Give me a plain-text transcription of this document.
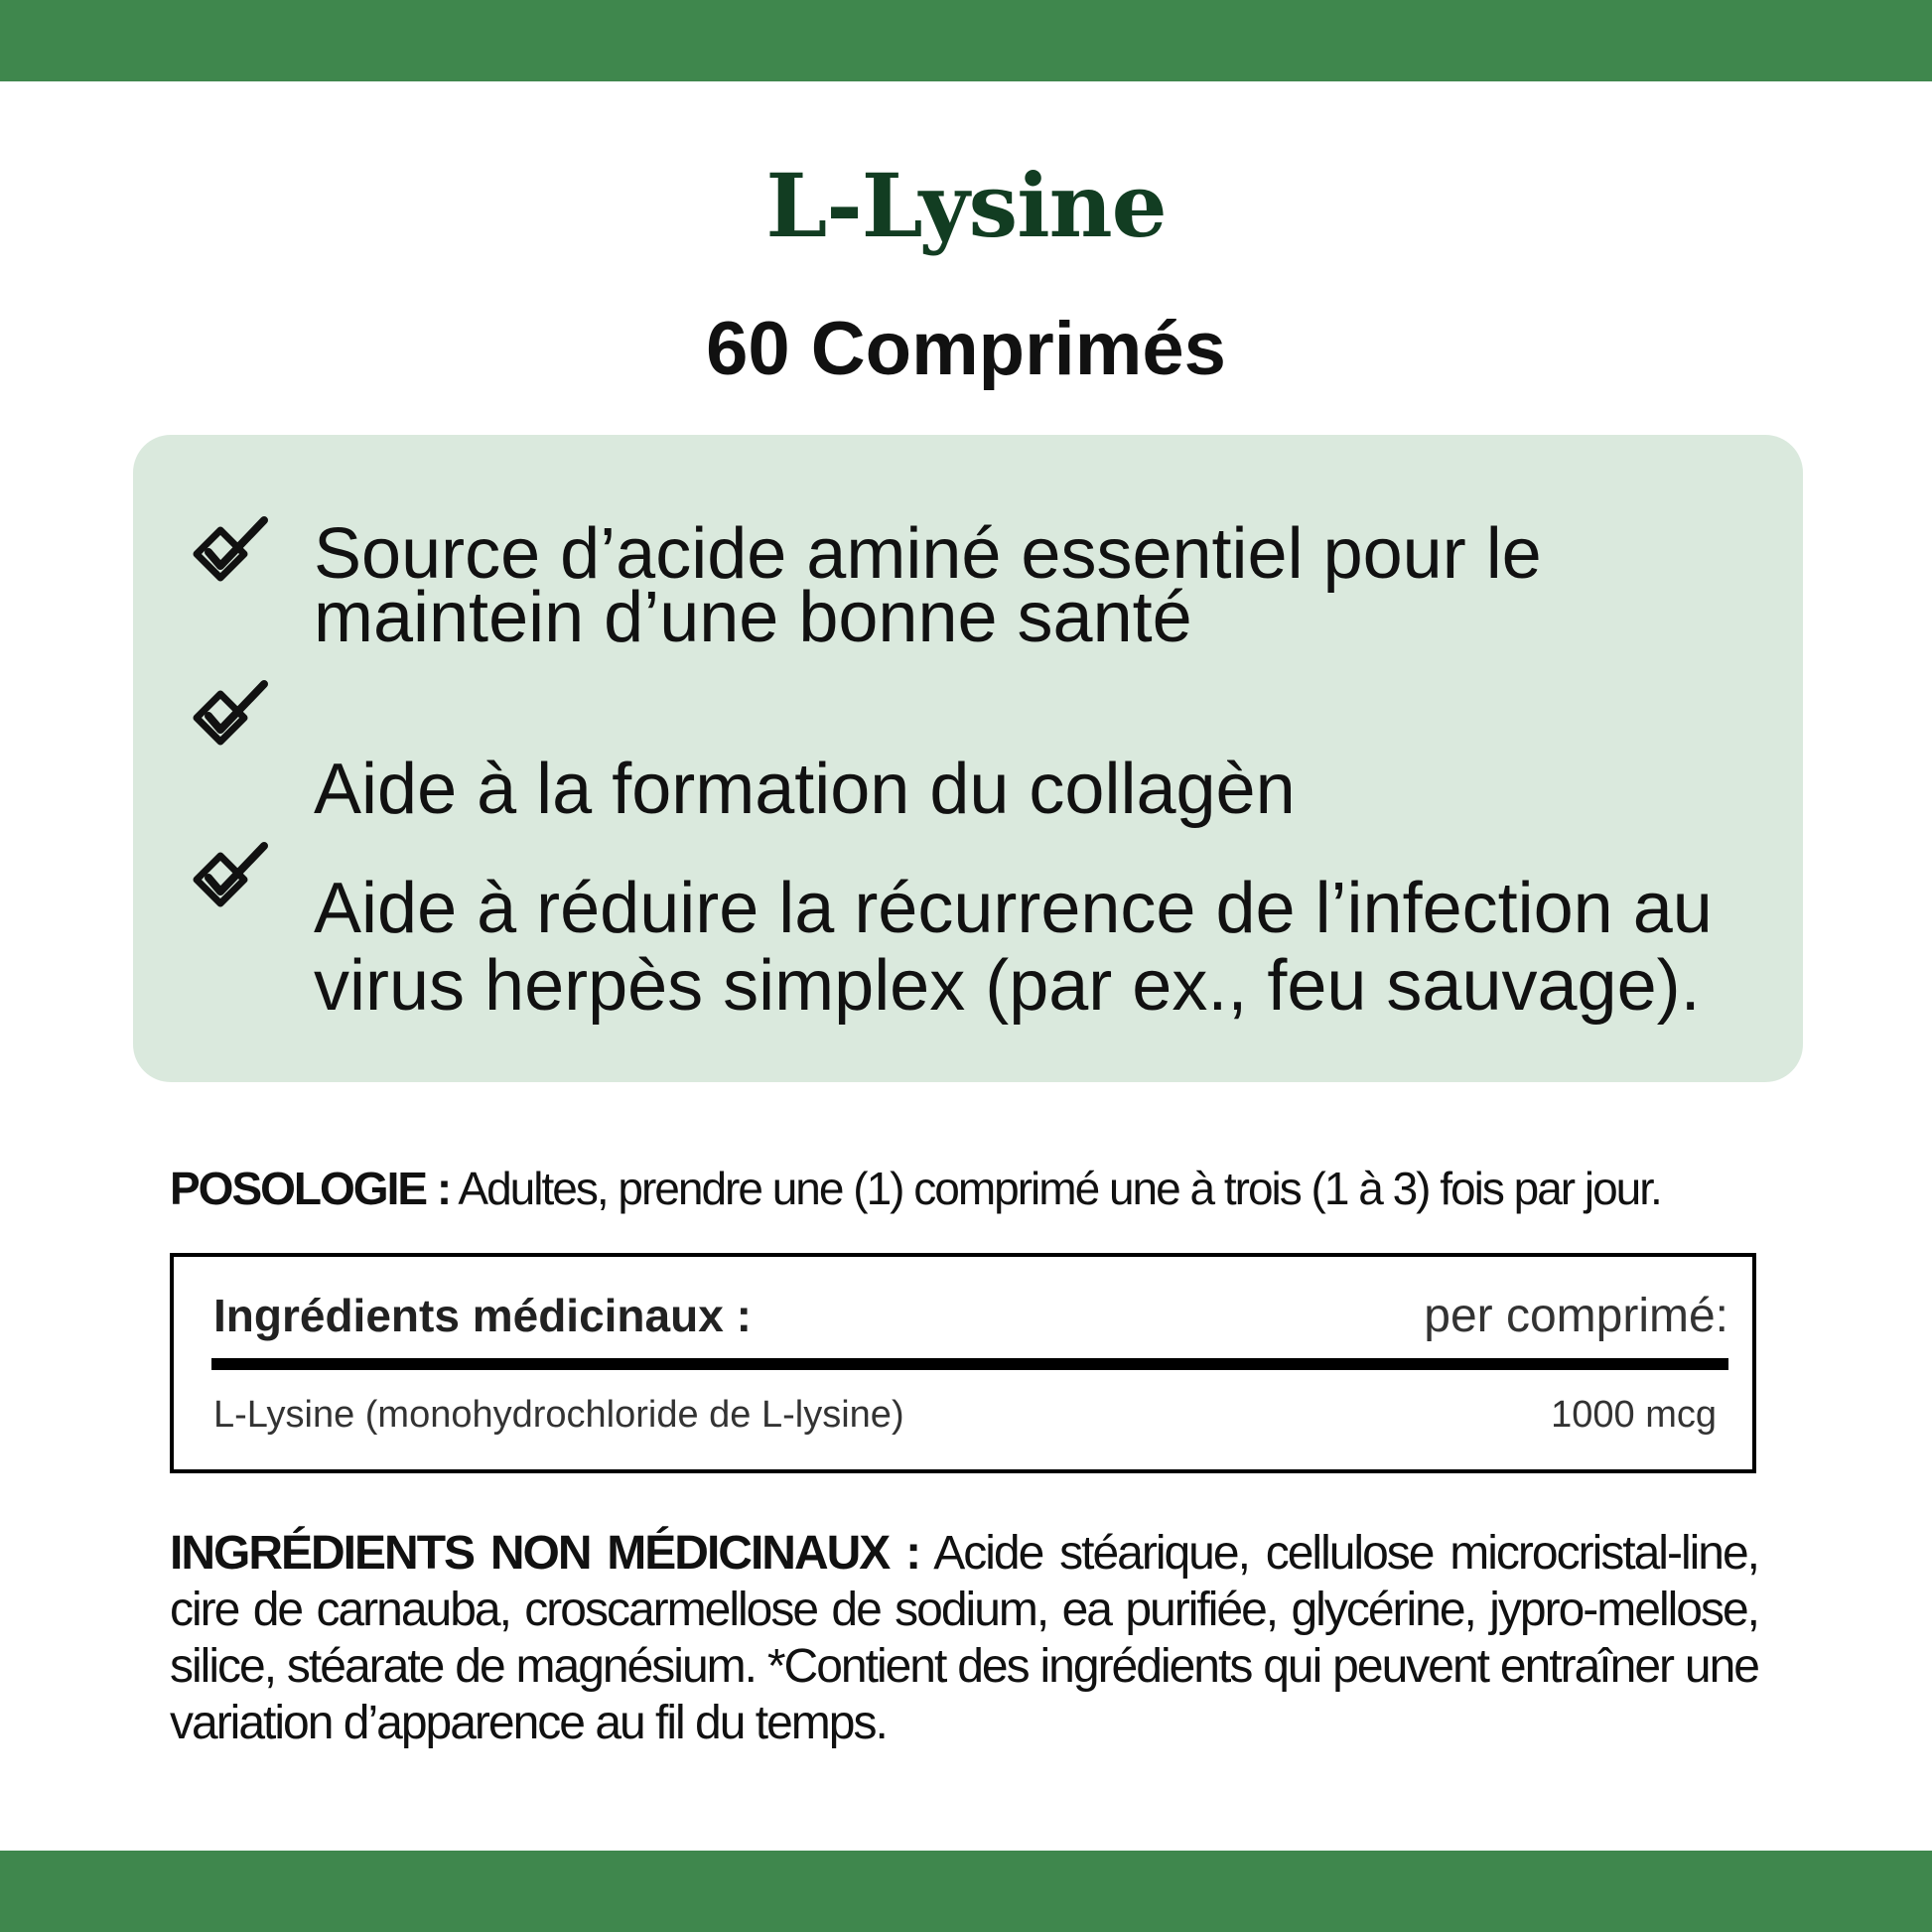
L-Lysine
60 Comprimés
Source d’acide aminé essentiel pour le maintein d’une bonne santé
Aide à la formation du collagèn
Aide à réduire la récurrence de l’infection au virus herpès simplex (par ex., feu sauvage).
POSOLOGIE : Adultes, prendre une (1) comprimé une à trois (1 à 3) fois par jour.
Ingrédients médicinaux :	per comprimé:
L-Lysine (monohydrochloride de L-lysine)	1000 mcg
INGRÉDIENTS NON MÉDICINAUX : Acide stéarique, cellulose microcristal-line, cire de carnauba, croscarmellose de sodium, ea purifiée, glycérine, jypro-mellose, silice, stéarate de magnésium. *Contient des ingrédients qui peuvent entraîner une variation d’apparence au fil du temps.
